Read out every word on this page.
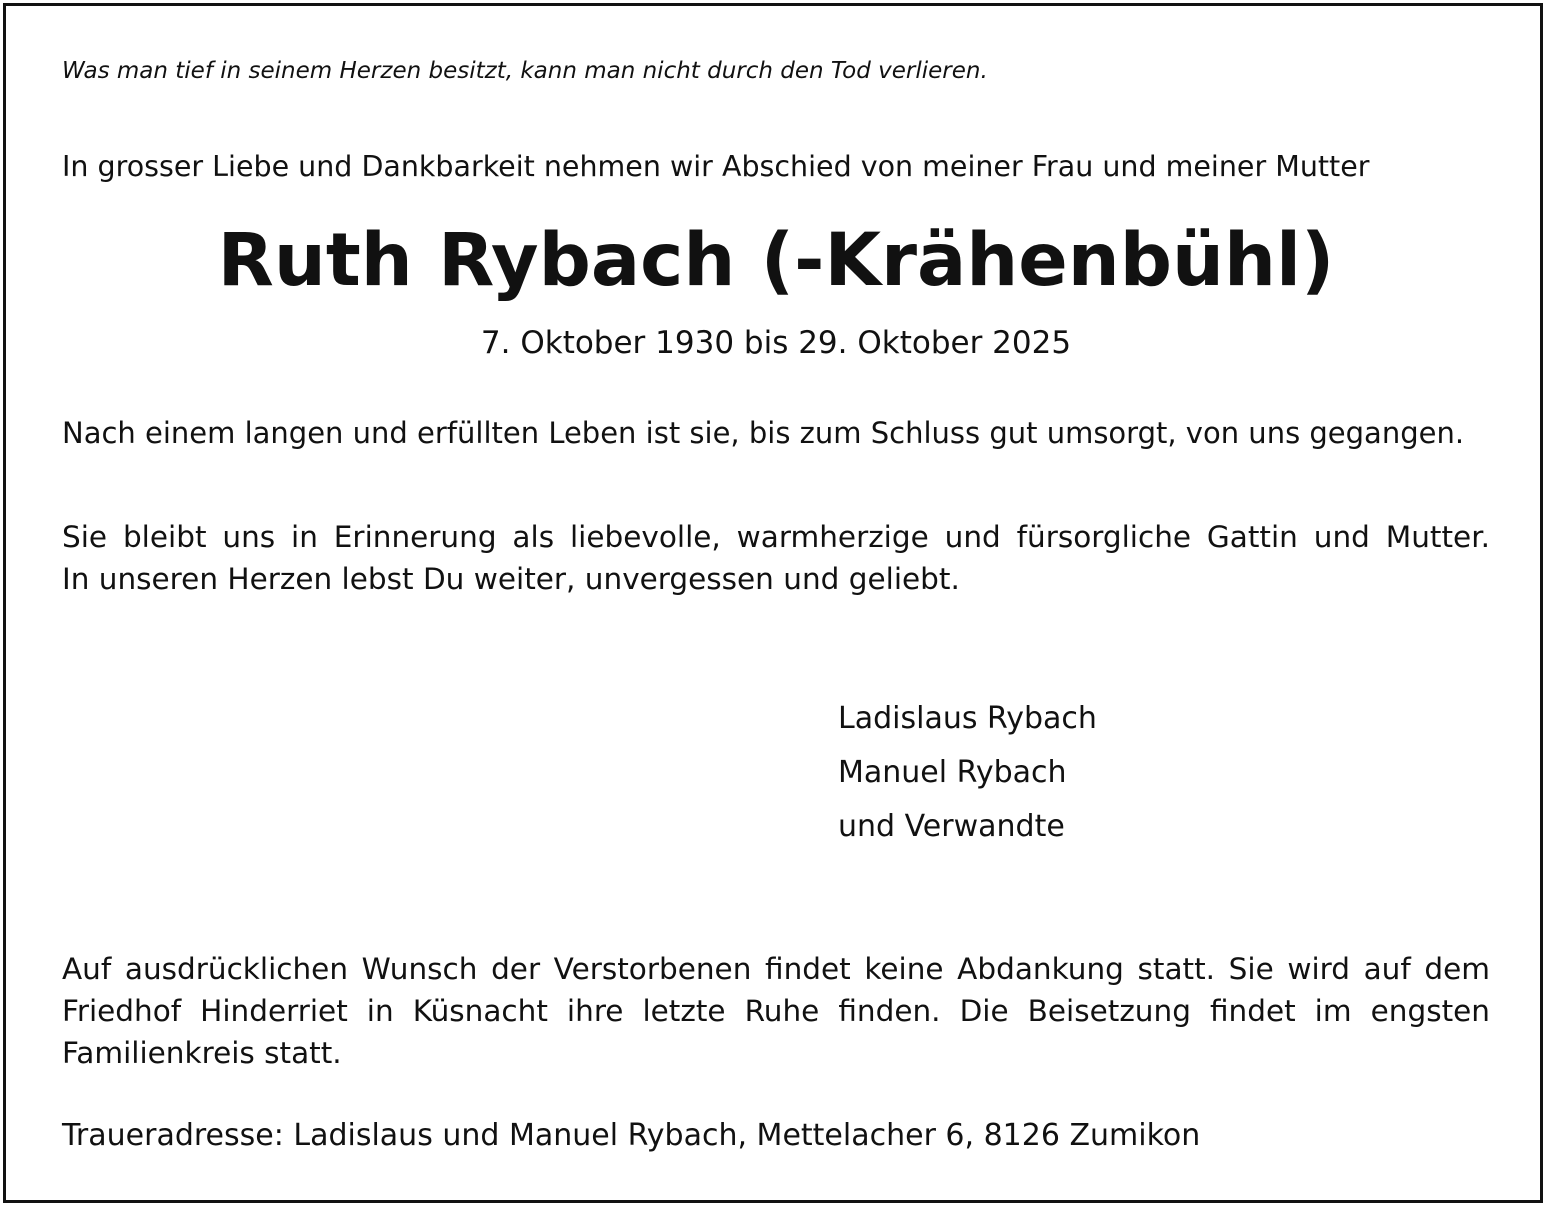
Was man tief in seinem Herzen besitzt, kann man nicht durch den Tod verlieren.

In grosser Liebe und Dankbarkeit nehmen wir Abschied von meiner Frau und meiner Mutter

Ruth Rybach (-Krähenbühl)

7. Oktober 1930 bis 29. Oktober 2025

Nach einem langen und erfüllten Leben ist sie, bis zum Schluss gut umsorgt, von uns gegangen.

Sie bleibt uns in Erinnerung als liebevolle, warmherzige und fürsorgliche Gattin und Mutter.
In unseren Herzen lebst Du weiter, unvergessen und geliebt.
Ladislaus Rybach
Manuel Rybach
und Verwandte
Auf ausdrücklichen Wunsch der Verstorbenen findet keine Abdankung statt. Sie wird auf dem
Friedhof Hinderriet in Küsnacht ihre letzte Ruhe finden. Die Beisetzung findet im engsten
Familienkreis statt.

Traueradresse: Ladislaus und Manuel Rybach, Mettelacher 6, 8126 Zumikon
